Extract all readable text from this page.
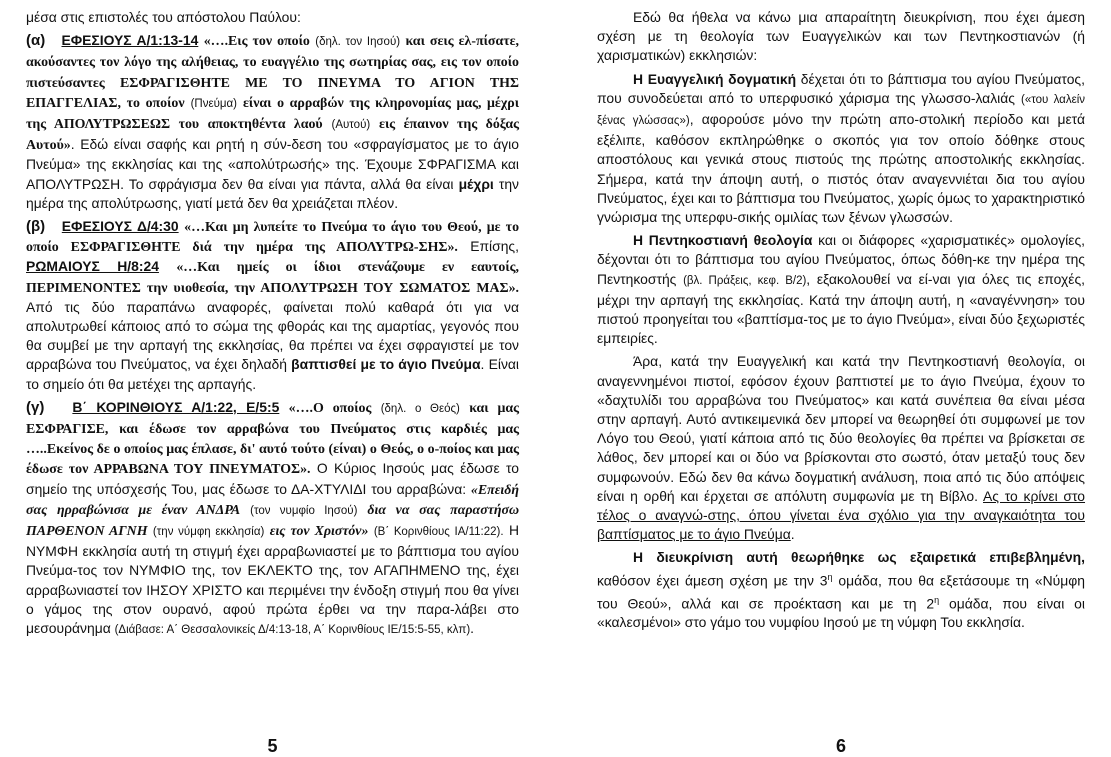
μέσα στις επιστολές του απόστολου Παύλου:

(α) ΕΦΕΣΙΟΥΣ Α/1:13-14 «….Εις τον οποίο (δηλ. τον Ιησού) και σεις ελ-πίσατε, ακούσαντες τον λόγο της αλήθειας, το ευαγγέλιο της σωτηρίας σας, εις τον οποίο πιστεύσαντες ΕΣΦΡΑΓΙΣΘΗΤΕ ΜΕ ΤΟ ΠΝΕΥΜΑ ΤΟ ΑΓΙΟΝ ΤΗΣ ΕΠΑΓΓΕΛΙΑΣ, το οποίον (Πνεύμα) είναι ο αρραβών της κληρονομίας μας, μέχρι της ΑΠΟΛΥΤΡΩΣΕΩΣ του αποκτηθέντα λαού (Αυτού) εις έπαινον της δόξας Αυτού». Εδώ είναι σαφής και ρητή η σύν-δεση του «σφραγίσματος με το άγιο Πνεύμα» της εκκλησίας και της «απολύτρωσής» της. Έχουμε ΣΦΡΑΓΙΣΜΑ και ΑΠΟΛΥΤΡΩΣΗ. Το σφράγισμα δεν θα είναι για πάντα, αλλά θα είναι μέχρι την ημέρα της απολύτρωσης, γιατί μετά δεν θα χρειάζεται πλέον.

(β) ΕΦΕΣΙΟΥΣ Δ/4:30 «…Και μη λυπείτε το Πνεύμα το άγιο του Θεού, με το οποίο ΕΣΦΡΑΓΙΣΘΗΤΕ διά την ημέρα της ΑΠΟΛΥΤΡΩ-ΣΗΣ». Επίσης, ΡΩΜΑΙΟΥΣ Η/8:24 «…Και ημείς οι ίδιοι στενάζουμε εν εαυτοίς, ΠΕΡΙΜΕΝΟΝΤΕΣ την υιοθεσία, την ΑΠΟΛΥΤΡΩΣΗ ΤΟΥ ΣΩΜΑΤΟΣ ΜΑΣ». Από τις δύο παραπάνω αναφορές, φαίνεται πολύ καθαρά ότι για να απολυτρωθεί κάποιος από το σώμα της φθοράς και της αμαρτίας, γεγονός που θα συμβεί με την αρπαγή της εκκλησίας, θα πρέπει να έχει σφραγιστεί με τον αρραβώνα του Πνεύματος, να έχει δηλαδή βαπτισθεί με το άγιο Πνεύμα. Είναι το σημείο ότι θα μετέχει της αρπαγής.

(γ) Β΄ ΚΟΡΙΝΘΙΟΥΣ Α/1:22, Ε/5:5 «….Ο οποίος (δηλ. ο Θεός) και μας ΕΣΦΡΑΓΙΣΕ, και έδωσε τον αρραβώνα του Πνεύματος στις καρδιές μας …..Εκείνος δε ο οποίος μας έπλασε, δι' αυτό τούτο (είναι) ο Θεός, ο ο-ποίος και μας έδωσε τον ΑΡΡΑΒΩΝΑ ΤΟΥ ΠΝΕΥΜΑΤΟΣ». Ο Κύριος Ιησούς μας έδωσε το σημείο της υπόσχεσής Του, μας έδωσε το ΔΑ-ΧΤΥΛΙΔΙ του αρραβώνα: «Επειδή σας ηρραβώνισα με έναν ΑΝΔΡΑ (τον νυμφίο Ιησού) δια να σας παραστήσω ΠΑΡΘΕΝΟΝ ΑΓΝΗ (την νύμφη εκκλησία) εις τον Χριστόν» (Β΄ Κορινθίους ΙΑ/11:22). Η ΝΥΜΦΗ εκκλησία αυτή τη στιγμή έχει αρραβωνιαστεί με το βάπτισμα του αγίου Πνεύμα-τος τον ΝΥΜΦΙΟ της, τον ΕΚΛΕΚΤΟ της, τον ΑΓΑΠΗΜΕΝΟ της, έχει αρραβωνιαστεί τον ΙΗΣΟΥ ΧΡΙΣΤΟ και περιμένει την ένδοξη στιγμή που θα γίνει ο γάμος της στον ουρανό, αφού πρώτα έρθει να την παρα-λάβει στο μεσουράνημα (Διάβασε: Α΄ Θεσσαλονικείς Δ/4:13-18, Α΄ Κορινθίους ΙΕ/15:5-55, κλπ).

5

Εδώ θα ήθελα να κάνω μια απαραίτητη διευκρίνιση, που έχει άμεση σχέση με τη θεολογία των Ευαγγελικών και των Πεντηκοστιανών (ή χαρισματικών) εκκλησιών:

Η Ευαγγελική δογματική δέχεται ότι το βάπτισμα του αγίου Πνεύματος, που συνοδεύεται από το υπερφυσικό χάρισμα της γλωσσο-λαλιάς («του λαλείν ξένας γλώσσας»), αφορούσε μόνο την πρώτη απο-στολική περίοδο και μετά εξέλιπε, καθόσον εκπληρώθηκε ο σκοπός για τον οποίο δόθηκε στους αποστόλους και γενικά στους πιστούς της πρώτης αποστολικής εκκλησίας. Σήμερα, κατά την άποψη αυτή, ο πιστός όταν αναγεννιέται δια του αγίου Πνεύματος, έχει και το βάπτισμα του Πνεύματος, χωρίς όμως το χαρακτηριστικό γνώρισμα της υπερφυ-σικής ομιλίας των ξένων γλωσσών.

Η Πεντηκοστιανή θεολογία και οι διάφορες «χαρισματικές» ομολογίες, δέχονται ότι το βάπτισμα του αγίου Πνεύματος, όπως δόθη-κε την ημέρα της Πεντηκοστής (βλ. Πράξεις, κεφ. Β/2), εξακολουθεί να εί-ναι για όλες τις εποχές, μέχρι την αρπαγή της εκκλησίας. Κατά την άποψη αυτή, η «αναγέννηση» του πιστού προηγείται του «βαπτίσμα-τος με το άγιο Πνεύμα», είναι δύο ξεχωριστές εμπειρίες.

Άρα, κατά την Ευαγγελική και κατά την Πεντηκοστιανή θεολογία, οι αναγεννημένοι πιστοί, εφόσον έχουν βαπτιστεί με το άγιο Πνεύμα, έχουν το «δαχτυλίδι του αρραβώνα του Πνεύματος» και κατά συνέπεια θα είναι μέσα στην αρπαγή. Αυτό αντικειμενικά δεν μπορεί να θεωρηθεί ότι συμφωνεί με τον Λόγο του Θεού, γιατί κάποια από τις δύο θεολογίες θα πρέπει να βρίσκεται σε λάθος, δεν μπορεί και οι δύο να βρίσκονται στο σωστό, όταν μεταξύ τους δεν συμφωνούν. Εδώ δεν θα κάνω δογματική ανάλυση, ποια από τις δύο απόψεις είναι η ορθή και έρχεται σε απόλυτη συμφωνία με τη Βίβλο. Ας το κρίνει στο τέλος ο αναγνώ-στης, όπου γίνεται ένα σχόλιο για την αναγκαιότητα του βαπτίσματος με το άγιο Πνεύμα.

Η διευκρίνιση αυτή θεωρήθηκε ως εξαιρετικά επιβεβλημένη, καθόσον έχει άμεση σχέση με την $3^\eta$ ομάδα, που θα εξετάσουμε τη «Νύμφη του Θεού», αλλά και σε προέκταση και με τη $2^\eta$ ομάδα, που είναι οι «καλεσμένοι» στο γάμο του νυμφίου Ιησού με τη νύμφη Του εκκλησία.

6
